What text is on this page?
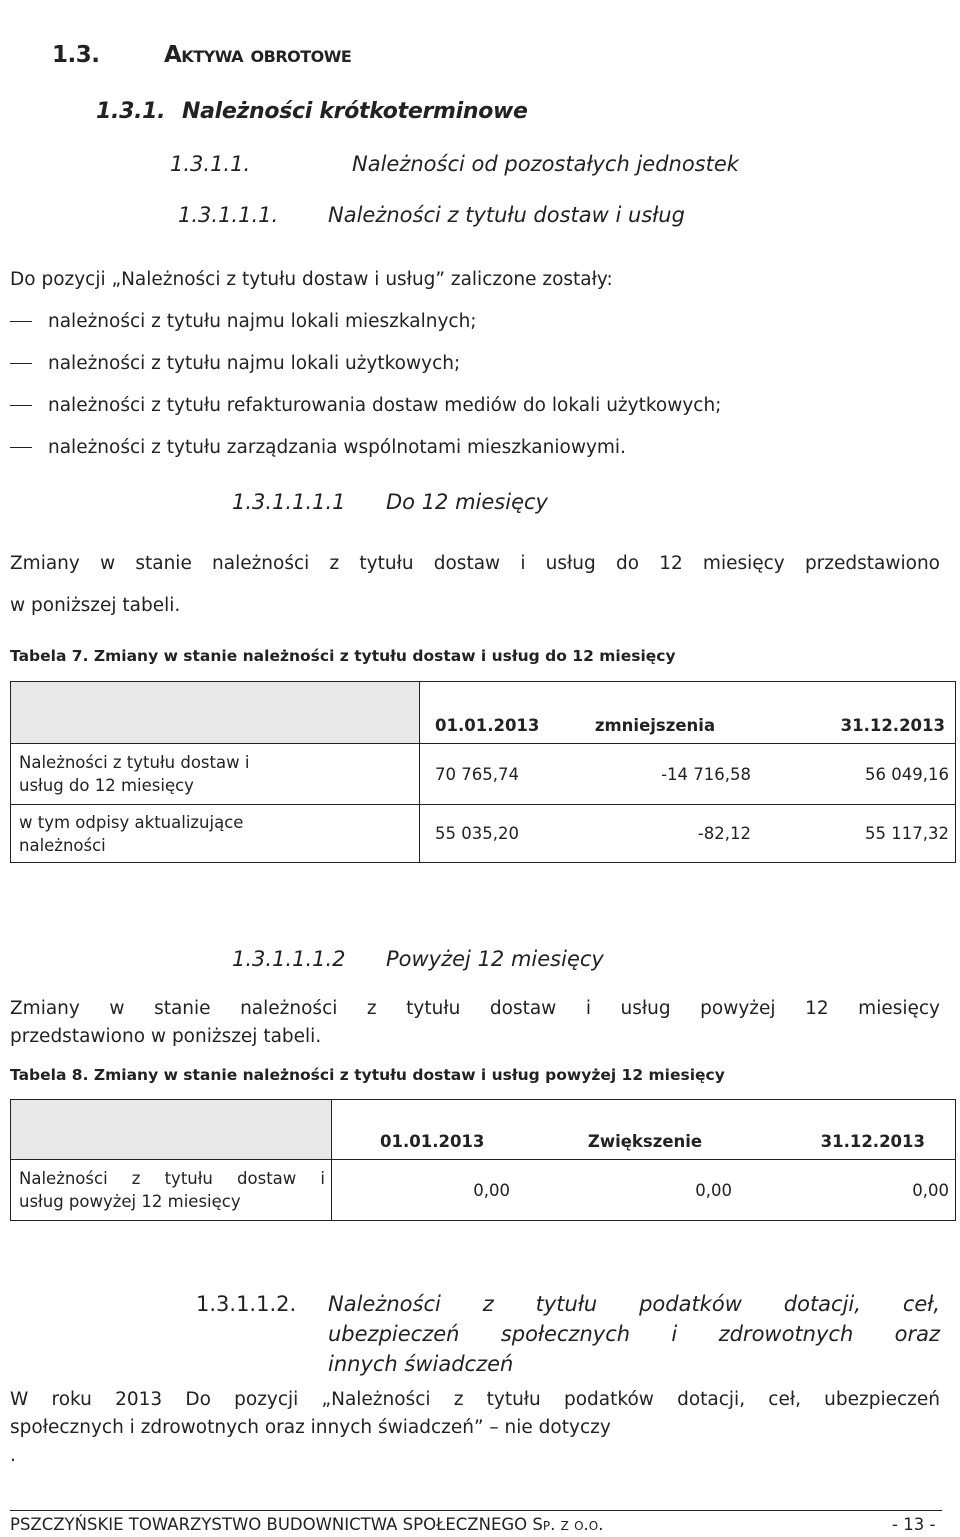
1.3.	Aktywa obrotowe
1.3.1. Należności krótkoterminowe
1.3.1.1.	Należności od pozostałych jednostek
1.3.1.1.1. Należności z tytułu dostaw i usług
Do pozycji „Należności z tytułu dostaw i usług” zaliczone zostały:
należności z tytułu najmu lokali mieszkalnych;
należności z tytułu najmu lokali użytkowych;
należności z tytułu refakturowania dostaw mediów do lokali użytkowych;
należności z tytułu zarządzania wspólnotami mieszkaniowymi.
1.3.1.1.1.1 Do 12 miesięcy
Zmiany w stanie należności z tytułu dostaw i usług do 12 miesięcy przedstawiono
w poniższej tabeli.
Tabela 7. Zmiany w stanie należności z tytułu dostaw i usług do 12 miesięcy
	01.01.2013	zmniejszenia	31.12.2013
Należności z tytułu dostaw i
usług do 12 miesięcy	70 765,74	-14 716,58	56 049,16
w tym odpisy aktualizujące
należności	55 035,20	-82,12	55 117,32
1.3.1.1.1.2 Powyżej 12 miesięcy
Zmiany w stanie należności z tytułu dostaw i usług powyżej 12 miesięcy
przedstawiono w poniższej tabeli.
Tabela 8. Zmiany w stanie należności z tytułu dostaw i usług powyżej 12 miesięcy
	01.01.2013	Zwiększenie	31.12.2013

Należności z tytułu dostaw i
usług powyżej 12 miesięcy	0,00	0,00	0,00
1.3.1.1.2. Należności z tytułu podatków dotacji, ceł,
ubezpieczeń społecznych i zdrowotnych oraz
innych świadczeń
W roku 2013 Do pozycji „Należności z tytułu podatków dotacji, ceł, ubezpieczeń
społecznych i zdrowotnych oraz innych świadczeń” – nie dotyczy
.
PSZCZYŃSKIE TOWARZYSTWO BUDOWNICTWA SPOŁECZNEGO Sp. z o.o.	- 13 -
